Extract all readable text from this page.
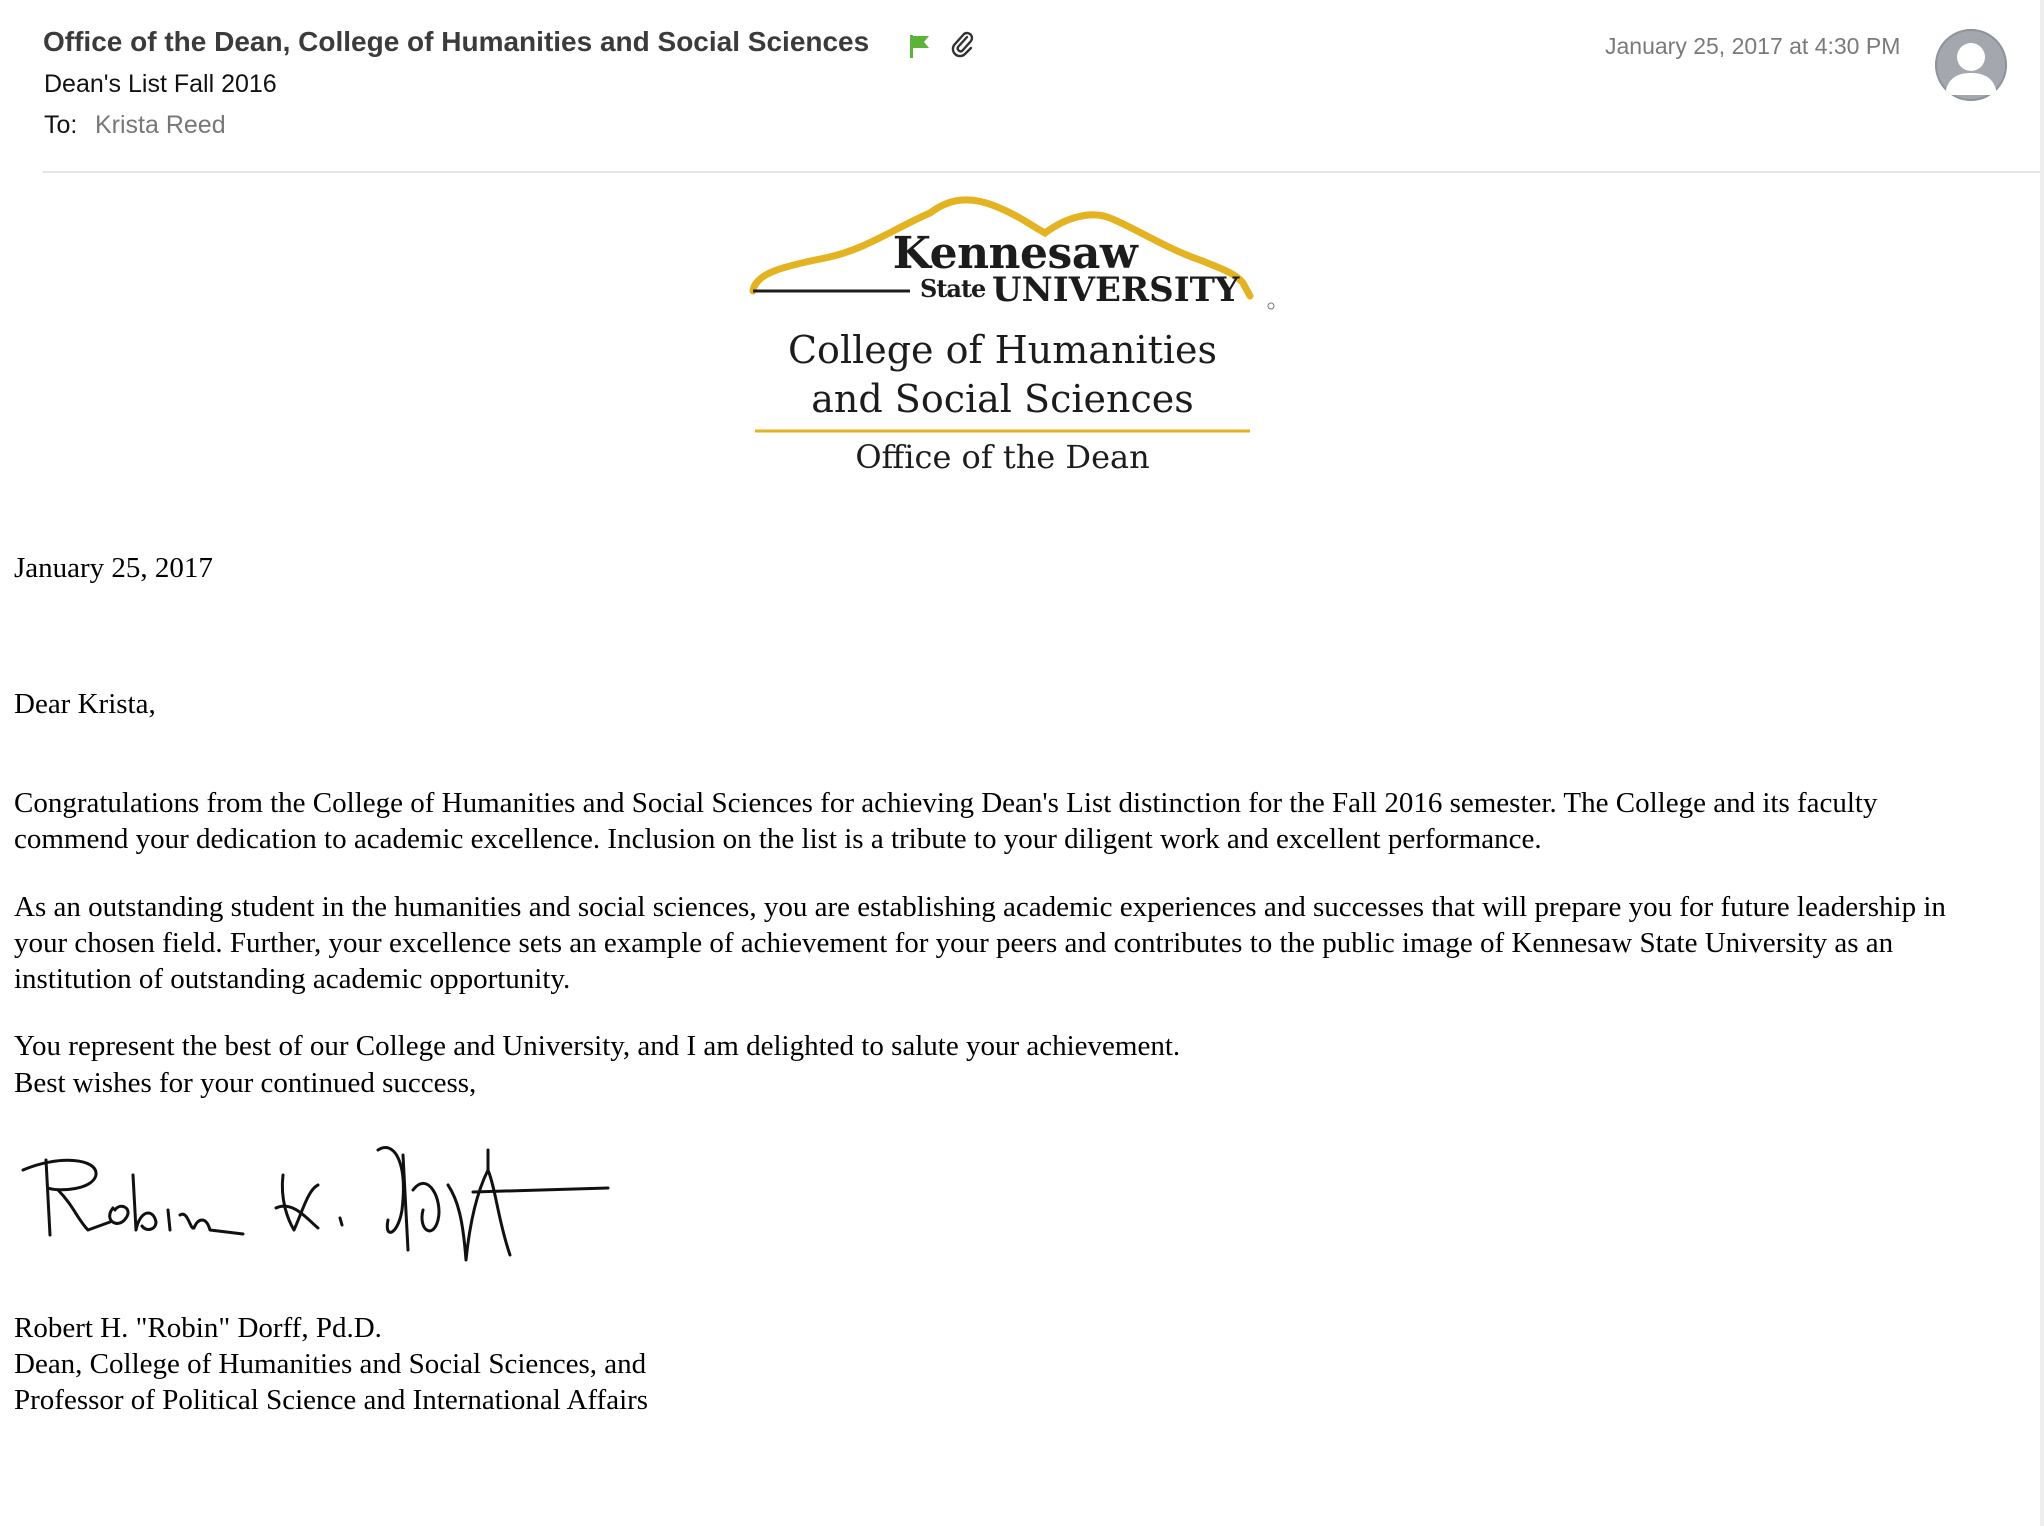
Office of the Dean, College of Humanities and Social Sciences
Dean's List Fall 2016
To: Krista Reed
January 25, 2017 at 4:30 PM
Kennesaw
State UNIVERSITY
College of Humanities
and Social Sciences
Office of the Dean
January 25, 2017
Dear Krista,

Congratulations from the College of Humanities and Social Sciences for achieving Dean's List distinction for the Fall 2016 semester. The College and its faculty commend your dedication to academic excellence. Inclusion on the list is a tribute to your diligent work and excellent performance.

As an outstanding student in the humanities and social sciences, you are establishing academic experiences and successes that will prepare you for future leadership in your chosen field. Further, your excellence sets an example of achievement for your peers and contributes to the public image of Kennesaw State University as an institution of outstanding academic opportunity.

You represent the best of our College and University, and I am delighted to salute your achievement.

Best wishes for your continued success,
Robert H. "Robin" Dorff, Pd.D.
Dean, College of Humanities and Social Sciences, and
Professor of Political Science and International Affairs
